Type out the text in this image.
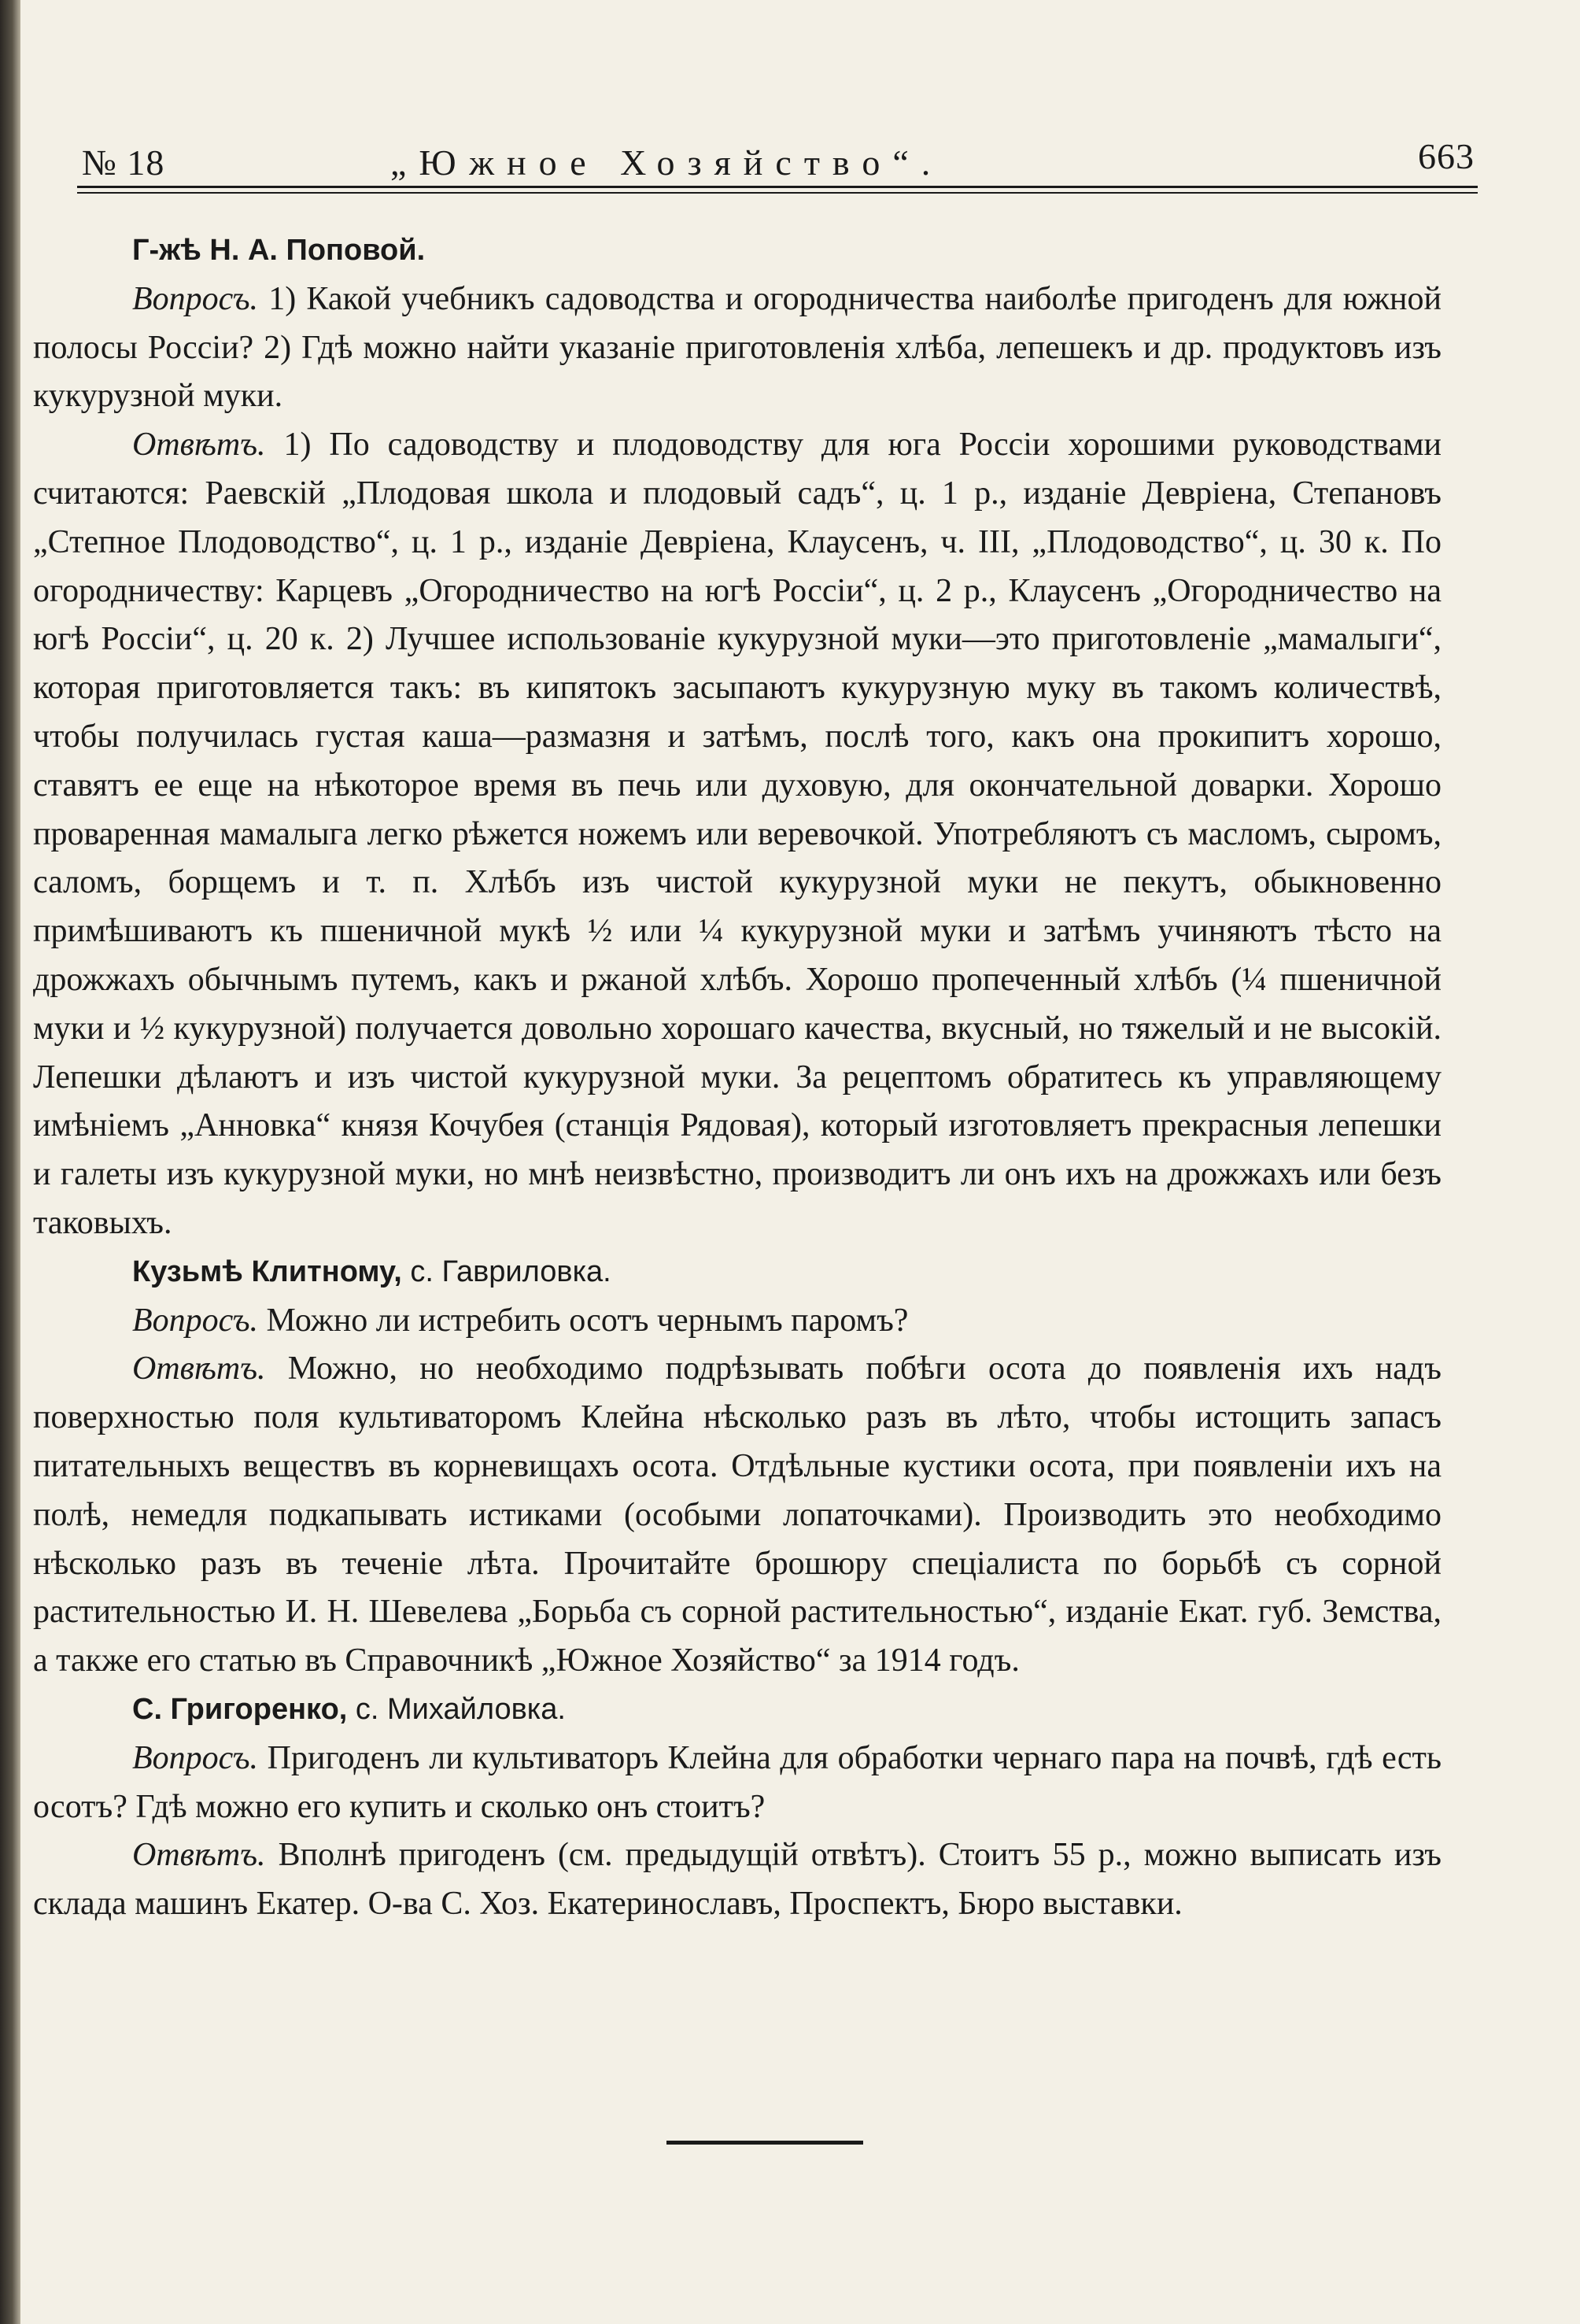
№ 18	„Южное Хозяйство“.	663

Г-жѣ Н. А. Поповой.

Вопросъ. 1) Какой учебникъ садоводства и огородничества наиболѣе пригоденъ для южной полосы Россіи? 2) Гдѣ можно найти указаніе приготовленія хлѣба, лепешекъ и др. продуктовъ изъ кукурузной муки.

Отвѣтъ. 1) По садоводству и плодоводству для юга Россіи хорошими руководствами считаются: Раевскій „Плодовая школа и плодовый садъ“, ц. 1 р., изданіе Девріена, Степановъ „Степное Плодоводство“, ц. 1 р., изданіе Девріена, Клаусенъ, ч. III, „Плодоводство“, ц. 30 к. По огородничеству: Карцевъ „Огородничество на югѣ Россіи“, ц. 2 р., Клаусенъ „Огородничество на югѣ Россіи“, ц. 20 к. 2) Лучшее использованіе кукурузной муки—это приготовленіе „мамалыги“, которая приготовляется такъ: въ кипятокъ засыпаютъ кукурузную муку въ такомъ количествѣ, чтобы получилась густая каша—размазня и затѣмъ, послѣ того, какъ она прокипитъ хорошо, ставятъ ее еще на нѣкоторое время въ печь или духовую, для окончательной доварки. Хорошо проваренная мамалыга легко рѣжется ножемъ или веревочкой. Употребляютъ съ масломъ, сыромъ, саломъ, борщемъ и т. п. Хлѣбъ изъ чистой кукурузной муки не пекутъ, обыкновенно примѣшиваютъ къ пшеничной мукѣ ½ или ¼ кукурузной муки и затѣмъ учиняютъ тѣсто на дрожжахъ обычнымъ путемъ, какъ и ржаной хлѣбъ. Хорошо пропеченный хлѣбъ (¼ пшеничной муки и ½ кукурузной) получается довольно хорошаго качества, вкусный, но тяжелый и не высокій. Лепешки дѣлаютъ и изъ чистой кукурузной муки. За рецептомъ обратитесь къ управляющему имѣніемъ „Анновка“ князя Кочубея (станція Рядовая), который изготовляетъ прекрасныя лепешки и галеты изъ кукурузной муки, но мнѣ неизвѣстно, производитъ ли онъ ихъ на дрожжахъ или безъ таковыхъ.

Кузьмѣ Клитному, с. Гавриловка.

Вопросъ. Можно ли истребить осотъ чернымъ паромъ?

Отвѣтъ. Можно, но необходимо подрѣзывать побѣги осота до появленія ихъ надъ поверхностью поля культиваторомъ Клейна нѣсколько разъ въ лѣто, чтобы истощить запасъ питательныхъ веществъ въ корневищахъ осота. Отдѣльные кустики осота, при появленіи ихъ на полѣ, немедля подкапывать истиками (особыми лопаточками). Производить это необходимо нѣсколько разъ въ теченіе лѣта. Прочитайте брошюру спеціалиста по борьбѣ съ сорной растительностью И. Н. Шевелева „Борьба съ сорной растительностью“, изданіе Екат. губ. Земства, а также его статью въ Справочникѣ „Южное Хозяйство“ за 1914 годъ.

С. Григоренко, с. Михайловка.

Вопросъ. Пригоденъ ли культиваторъ Клейна для обработки чернаго пара на почвѣ, гдѣ есть осотъ? Гдѣ можно его купить и сколько онъ стоитъ?

Отвѣтъ. Вполнѣ пригоденъ (см. предыдущій отвѣтъ). Стоитъ 55 р., можно выписать изъ склада машинъ Екатер. О-ва С. Хоз. Екатеринославъ, Проспектъ, Бюро выставки.
